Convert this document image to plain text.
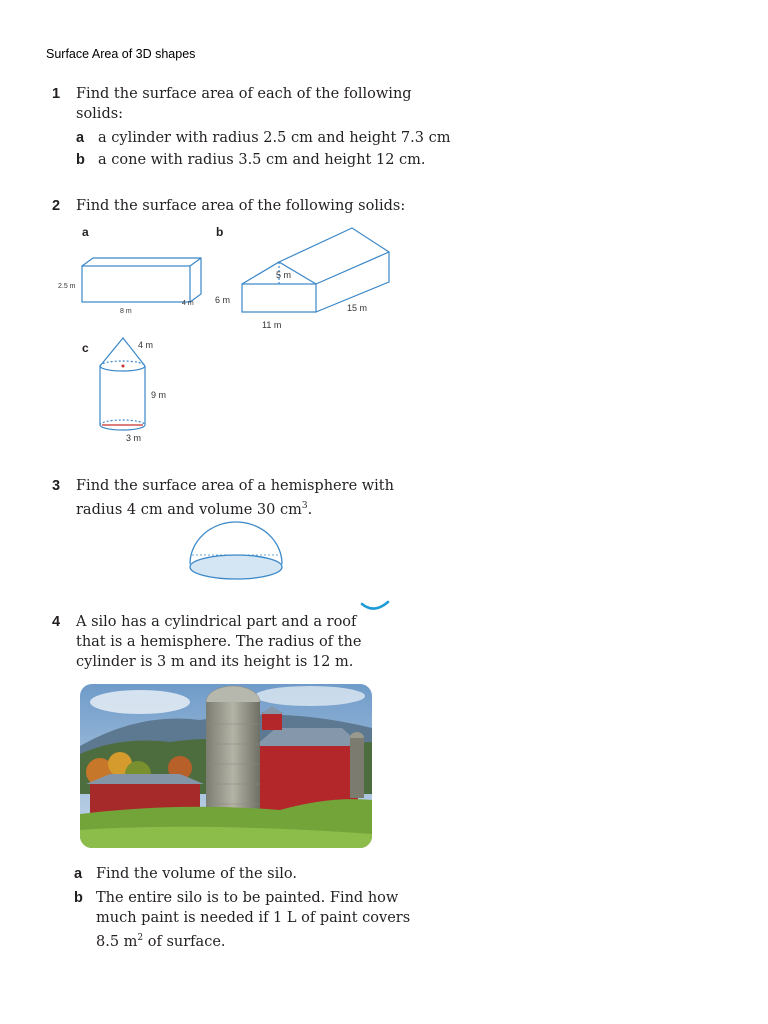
Surface Area of 3D shapes
1 Find the surface area of each of the following
solids:
a a cylinder with radius 2.5 cm and height 7.3 cm
b a cone with radius 3.5 cm and height 12 cm.
2 Find the surface area of the following solids:
a	b
c
2.5 m
8 m
4 m
5 m
6 m
11 m
15 m
4 m
9 m
3 m
3 Find the surface area of a hemisphere with
radius 4 cm and volume 30 $cm^3$.
4 A silo has a cylindrical part and a roof
that is a hemisphere. The radius of the
cylinder is 3 m and its height is 12 m.
a Find the volume of the silo.
b The entire silo is to be painted. Find how
much paint is needed if 1 L of paint covers
8.5 $m^2$ of surface.
